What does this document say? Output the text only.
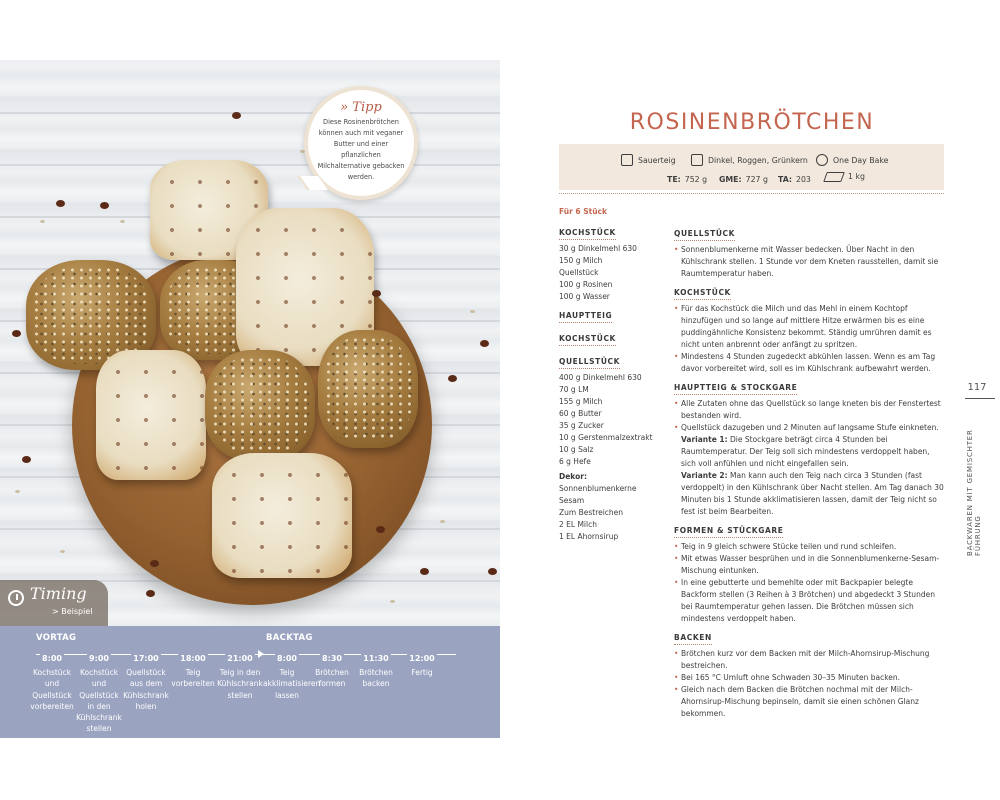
» Tipp
Diese Rosinenbrötchen können auch mit veganer Butter und einer pflanzlichen Milchalternative gebacken werden.
Timing
> Beispiel
VORTAG	BACKTAG
8:00
Kochstück und Quellstück vorbereiten
9:00
Kochstück und Quellstück in den Kühlschrank stellen
17:00
Quellstück aus dem Kühlschrank holen
18:00
Teig vorbereiten
21:00
Teig in den Kühlschrank stellen
8:00
Teig akklimatisieren lassen
8:30
Brötchen formen
11:30
Brötchen backen
12:00
Fertig
ROSINENBRÖTCHEN
Sauerteig	Dinkel, Roggen, Grünkern	One Day Bake
TE: 752 g GME: 727 g TA: 203	1 kg
Für 6 Stück
KOCHSTÜCK
30 g Dinkelmehl 630
150 g Milch
Quellstück
100 g Rosinen
100 g Wasser
HAUPTTEIG
KOCHSTÜCK
QUELLSTÜCK
400 g Dinkelmehl 630
70 g LM
155 g Milch
60 g Butter
35 g Zucker
10 g Gerstenmalzextrakt
10 g Salz
6 g Hefe
Dekor:
Sonnenblumenkerne
Sesam
Zum Bestreichen
2 EL Milch
1 EL Ahornsirup
QUELLSTÜCK
• Sonnenblumenkerne mit Wasser bedecken. Über Nacht in den Kühlschrank stellen. 1 Stunde vor dem Kneten rausstellen, damit sie Raumtemperatur haben.
KOCHSTÜCK
• Für das Kochstück die Milch und das Mehl in einem Kochtopf hinzufügen und so lange auf mittlere Hitze erwärmen bis es eine puddingähnliche Konsistenz bekommt. Ständig umrühren damit es nicht unten anbrennt oder anfängt zu spritzen.
• Mindestens 4 Stunden zugedeckt abkühlen lassen. Wenn es am Tag davor vorbereitet wird, soll es im Kühlschrank aufbewahrt werden.
HAUPTTEIG & STOCKGARE
• Alle Zutaten ohne das Quellstück so lange kneten bis der Fenstertest bestanden wird.
• Quellstück dazugeben und 2 Minuten auf langsame Stufe einkneten.
Variante 1: Die Stockgare beträgt circa 4 Stunden bei Raumtemperatur. Der Teig soll sich mindestens verdoppelt haben, sich voll anfühlen und nicht eingefallen sein.
Variante 2: Man kann auch den Teig nach circa 3 Stunden (fast verdoppelt) in den Kühlschrank über Nacht stellen. Am Tag danach 30 Minuten bis 1 Stunde akklimatisieren lassen, damit der Teig nicht so fest ist beim Bearbeiten.
FORMEN & STÜCKGARE
• Teig in 9 gleich schwere Stücke teilen und rund schleifen.
• Mit etwas Wasser besprühen und in die Sonnenblumenkerne-Sesam-Mischung eintunken.
• In eine gebutterte und bemehlte oder mit Backpapier belegte Backform stellen (3 Reihen à 3 Brötchen) und abgedeckt 3 Stunden bei Raumtemperatur gehen lassen. Die Brötchen müssen sich mindestens verdoppelt haben.
BACKEN
• Brötchen kurz vor dem Backen mit der Milch-Ahornsirup-Mischung bestreichen.
• Bei 165 °C Umluft ohne Schwaden 30–35 Minuten backen.
• Gleich nach dem Backen die Brötchen nochmal mit der Milch-Ahornsirup-Mischung bepinseln, damit sie einen schönen Glanz bekommen.
117
BACKWAREN MIT GEMISCHTER FÜHRUNG
